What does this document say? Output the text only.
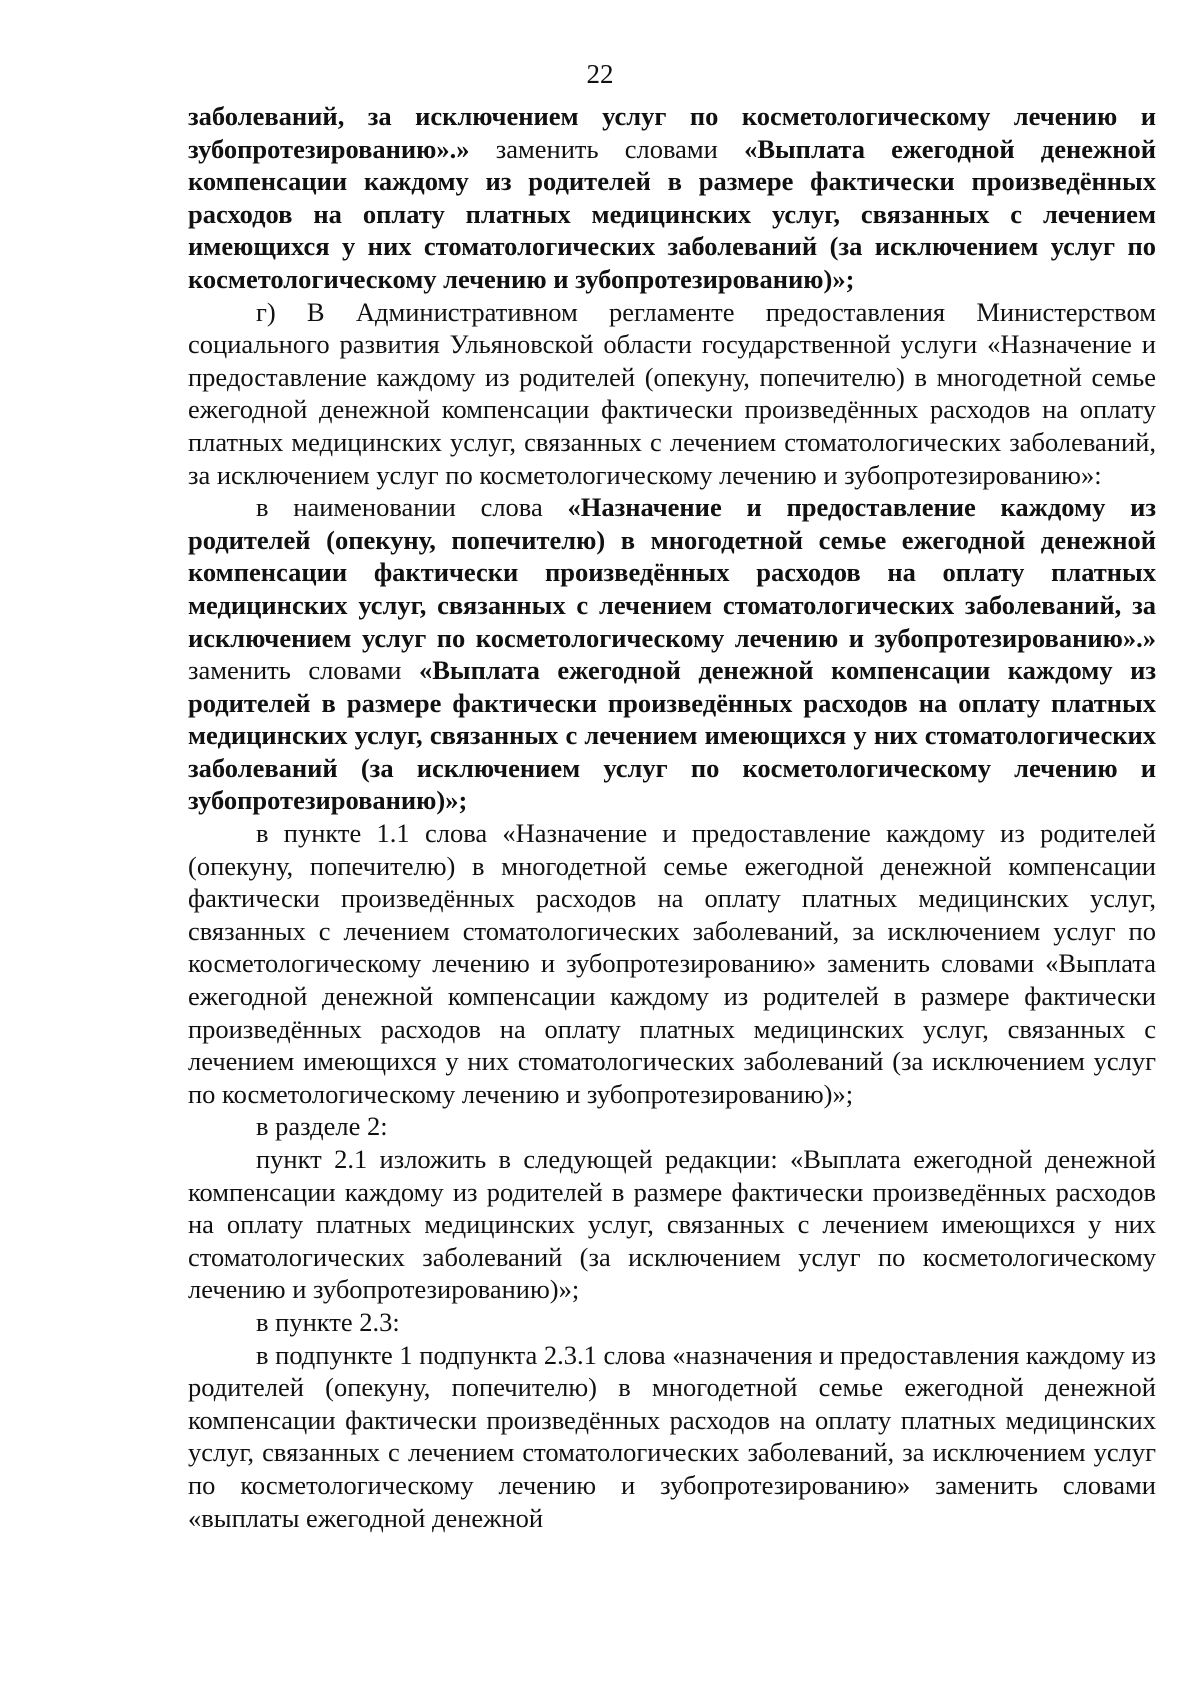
22

заболеваний, за исключением услуг по косметологическому лечению и зубопротезированию».» заменить словами «Выплата ежегодной денежной компенсации каждому из родителей в размере фактически произведённых расходов на оплату платных медицинских услуг, связанных с лечением имеющихся у них стоматологических заболеваний (за исключением услуг по косметологическому лечению и зубопротезированию)»;

г) В Административном регламенте предоставления Министерством социального развития Ульяновской области государственной услуги «Назначение и предоставление каждому из родителей (опекуну, попечителю) в многодетной семье ежегодной денежной компенсации фактически произведённых расходов на оплату платных медицинских услуг, связанных с лечением стоматологических заболеваний, за исключением услуг по косметологическому лечению и зубопротезированию»:

в наименовании слова «Назначение и предоставление каждому из родителей (опекуну, попечителю) в многодетной семье ежегодной денежной компенсации фактически произведённых расходов на оплату платных медицинских услуг, связанных с лечением стоматологических заболеваний, за исключением услуг по косметологическому лечению и зубопротезированию».» заменить словами «Выплата ежегодной денежной компенсации каждому из родителей в размере фактически произведённых расходов на оплату платных медицинских услуг, связанных с лечением имеющихся у них стоматологических заболеваний (за исключением услуг по косметологическому лечению и зубопротезированию)»;

в пункте 1.1 слова «Назначение и предоставление каждому из родителей (опекуну, попечителю) в многодетной семье ежегодной денежной компенсации фактически произведённых расходов на оплату платных медицинских услуг, связанных с лечением стоматологических заболеваний, за исключением услуг по косметологическому лечению и зубопротезированию» заменить словами «Выплата ежегодной денежной компенсации каждому из родителей в размере фактически произведённых расходов на оплату платных медицинских услуг, связанных с лечением имеющихся у них стоматологических заболеваний (за исключением услуг по косметологическому лечению и зубопротезированию)»;

в разделе 2:

пункт 2.1 изложить в следующей редакции: «Выплата ежегодной денежной компенсации каждому из родителей в размере фактически произведённых расходов на оплату платных медицинских услуг, связанных с лечением имеющихся у них стоматологических заболеваний (за исключением услуг по косметологическому лечению и зубопротезированию)»;

в пункте 2.3:

в подпункте 1 подпункта 2.3.1 слова «назначения и предоставления каждому из родителей (опекуну, попечителю) в многодетной семье ежегодной денежной компенсации фактически произведённых расходов на оплату платных медицинских услуг, связанных с лечением стоматологических заболеваний, за исключением услуг по косметологическому лечению и зубопротезированию» заменить словами «выплаты ежегодной денежной
